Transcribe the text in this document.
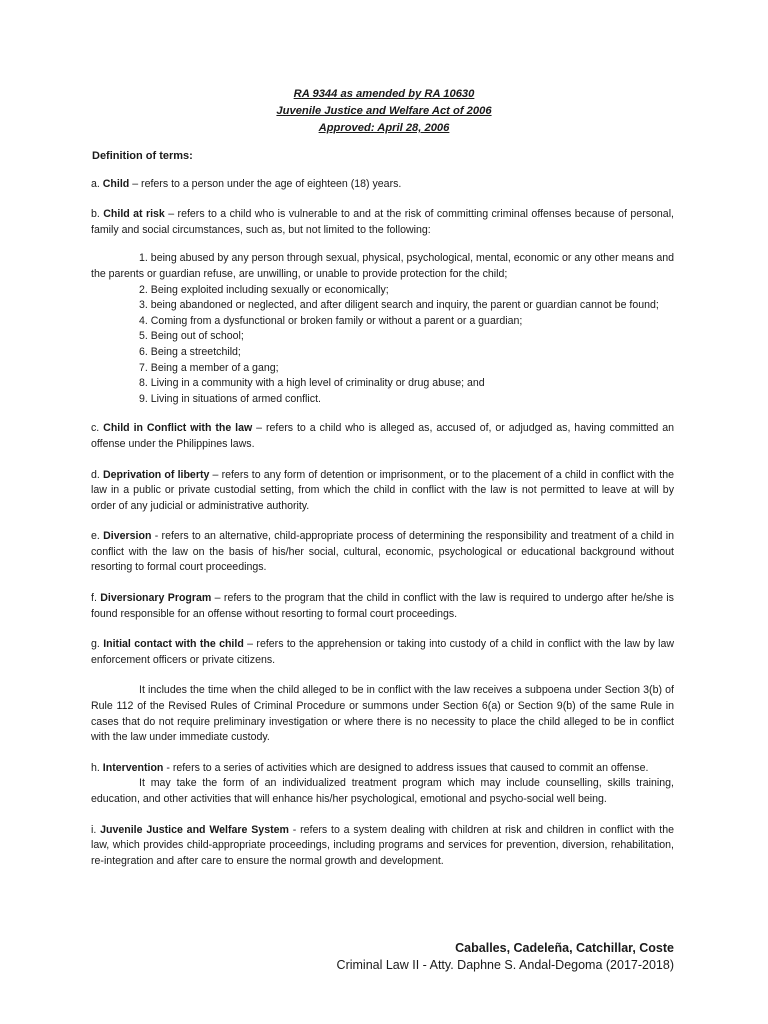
RA 9344 as amended by RA 10630
Juvenile Justice and Welfare Act of 2006
Approved: April 28, 2006
Definition of terms:
a. Child – refers to a person under the age of eighteen (18) years.
b. Child at risk – refers to a child who is vulnerable to and at the risk of committing criminal offenses because of personal, family and social circumstances, such as, but not limited to the following:
1. being abused by any person through sexual, physical, psychological, mental, economic or any other means and the parents or guardian refuse, are unwilling, or unable to provide protection for the child;
2. Being exploited including sexually or economically;
3. being abandoned or neglected, and after diligent search and inquiry, the parent or guardian cannot be found;
4. Coming from a dysfunctional or broken family or without a parent or a guardian;
5. Being out of school;
6. Being a streetchild;
7. Being a member of a gang;
8. Living in a community with a high level of criminality or drug abuse; and
9. Living in situations of armed conflict.
c. Child in Conflict with the law – refers to a child who is alleged as, accused of, or adjudged as, having committed an offense under the Philippines laws.
d. Deprivation of liberty – refers to any form of detention or imprisonment, or to the placement of a child in conflict with the law in a public or private custodial setting, from which the child in conflict with the law is not permitted to leave at will by order of any judicial or administrative authority.
e. Diversion - refers to an alternative, child-appropriate process of determining the responsibility and treatment of a child in conflict with the law on the basis of his/her social, cultural, economic, psychological or educational background without resorting to formal court proceedings.
f. Diversionary Program – refers to the program that the child in conflict with the law is required to undergo after he/she is found responsible for an offense without resorting to formal court proceedings.
g. Initial contact with the child – refers to the apprehension or taking into custody of a child in conflict with the law by law enforcement officers or private citizens.
It includes the time when the child alleged to be in conflict with the law receives a subpoena under Section 3(b) of Rule 112 of the Revised Rules of Criminal Procedure or summons under Section 6(a) or Section 9(b) of the same Rule in cases that do not require preliminary investigation or where there is no necessity to place the child alleged to be in conflict with the law under immediate custody.
h. Intervention - refers to a series of activities which are designed to address issues that caused to commit an offense.
It may take the form of an individualized treatment program which may include counselling, skills training, education, and other activities that will enhance his/her psychological, emotional and psycho-social well being.
i. Juvenile Justice and Welfare System - refers to a system dealing with children at risk and children in conflict with the law, which provides child-appropriate proceedings, including programs and services for prevention, diversion, rehabilitation, re-integration and after care to ensure the normal growth and development.
Caballes, Cadeleña, Catchillar, Coste
Criminal Law II - Atty. Daphne S. Andal-Degoma (2017-2018)
